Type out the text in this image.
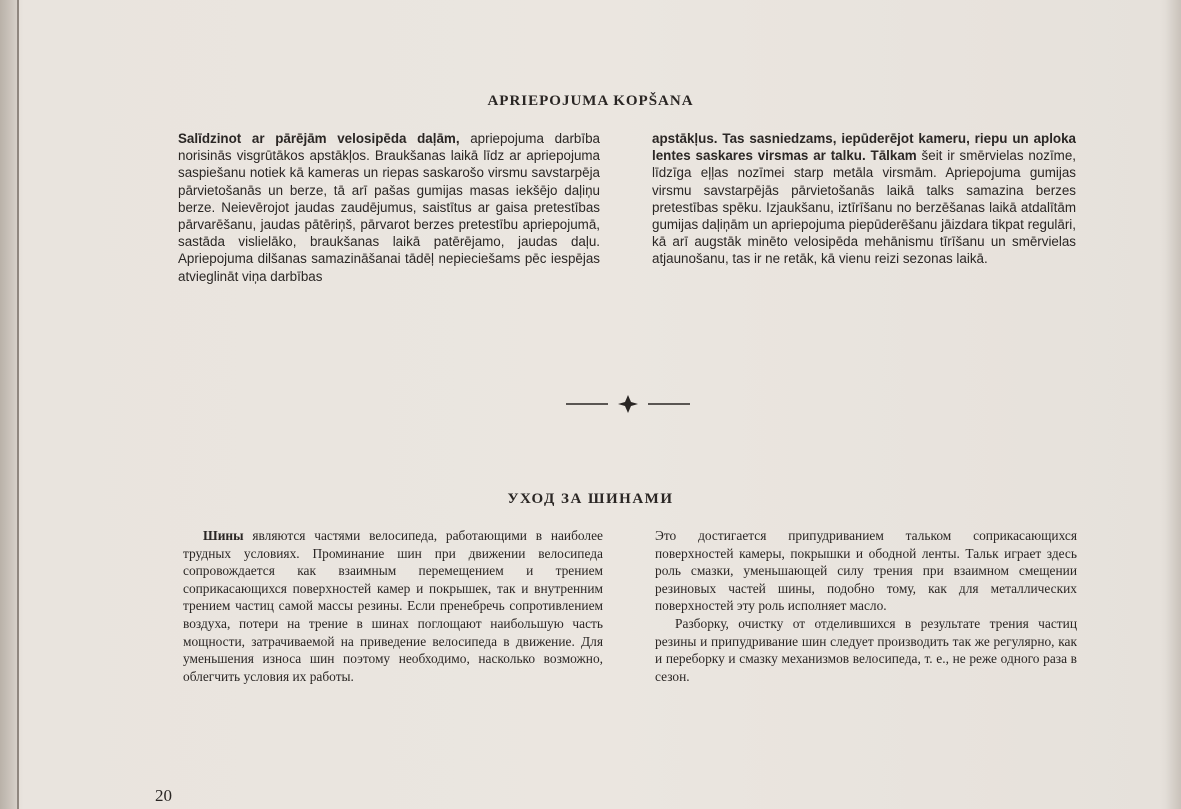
APRIEPOJUMA KOPŠANA
Salīdzinot ar pārējām velosipēda daļām, apriepojuma darbība norisinās visgrūtākos apstākļos. Braukšanas laikā līdz ar apriepojuma saspiešanu notiek kā kameras un riepas saskarošo virsmu savstarpēja pārvietošanās un berze, tā arī pašas gumijas masas iekšējo daļiņu berze. Neievērojot jaudas zaudējumus, saistītus ar gaisa pretestības pārvarēšanu, jaudas pātēriņš, pārvarot berzes pretestību apriepojumā, sastāda vislielāko, braukšanas laikā patērējamo, jaudas daļu. Apriepojuma dilšanas samazināšanai tādēļ nepieciešams pēc iespējas atvieglināt viņa darbības
apstākļus. Tas sasniedzams, iepūderējot kameru, riepu un aploka lentes saskares virsmas ar talku. Tālkam šeit ir smērvielas nozīme, līdzīga eļļas nozīmei starp metāla virsmām. Apriepojuma gumijas virsmu savstarpējās pārvietošanās laikā talks samazina berzes pretestības spēku. Izjaukšanu, iztīrīšanu no berzēšanas laikā atdalītām gumijas daļiņām un apriepojuma piepūderēšanu jāizdara tikpat regulāri, kā arī augstāk minēto velosipēda mehānismu tīrīšanu un smērvielas atjaunošanu, tas ir ne retāk, kā vienu reizi sezonas laikā.
УХОД ЗА ШИНАМИ

Шины являются частями велосипеда, работающими в наиболее трудных условиях. Проминание шин при движении велосипеда сопровождается как взаимным перемещением и трением соприкасающихся поверхностей камер и покрышек, так и внутренним трением частиц самой массы резины. Если пренебречь сопротивлением воздуха, потери на трение в шинах поглощают наибольшую часть мощности, затрачиваемой на приведение велосипеда в движение. Для уменьшения износа шин поэтому необходимо, насколько возможно, облегчить условия их работы.

Это достигается припудриванием тальком соприкасающихся поверхностей камеры, покрышки и ободной ленты. Тальк играет здесь роль смазки, уменьшающей силу трения при взаимном смещении резиновых частей шины, подобно тому, как для металлических поверхностей эту роль исполняет масло.

Разборку, очистку от отделившихся в результате трения частиц резины и припудривание шин следует производить так же регулярно, как и переборку и смазку механизмов велосипеда, т. е., не реже одного раза в сезон.

20
